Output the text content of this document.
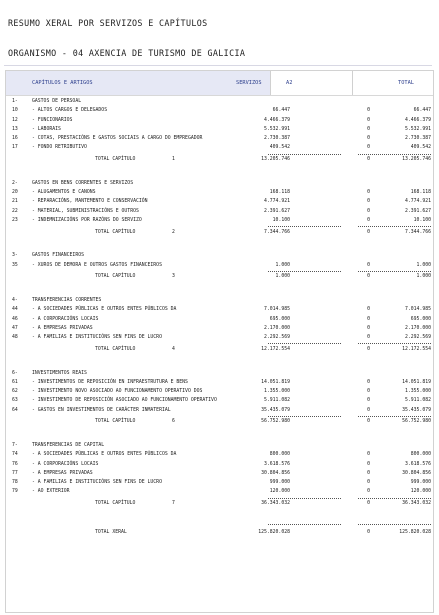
RESUMO XERAL POR SERVIZOS E CAPÍTULOS
ORGANISMO - 04 AXENCIA DE TURISMO DE GALICIA
CAPÍTULOS E ARTIGOS	SERVIZOS	A2	TOTAL
1-	GASTOS DE PERSOAL
10	- ALTOS CARGOS E DELEGADOS	66.447	0	66.447
12	- FUNCIONARIOS	4.466.379	0	4.466.379
13	- LABORAIS	5.532.991	0	5.532.991
16	- COTAS, PRESTACIÓNS E GASTOS SOCIAIS A CARGO DO EMPREGADOR	2.730.387	0	2.730.387
17	- FONDO RETRIBUTIVO	409.542	0	409.542
TOTAL CAPÍTULO	1	13.205.746	0	13.205.746
2-	GASTOS EN BENS CORRENTES E SERVIZOS
20	- ALUGAMENTOS E CANONS	168.118	0	168.118
21	- REPARACIÓNS, MANTEMENTO E CONSERVACIÓN	4.774.921	0	4.774.921
22	- MATERIAL, SUBMINISTRACIÓNS E OUTROS	2.391.627	0	2.391.627
23	- INDEMNIZACIÓNS POR RAZÓNS DO SERVIZO	10.100	0	10.100
TOTAL CAPÍTULO	2	7.344.766	0	7.344.766
3-	GASTOS FINANCEIROS
35	- XUROS DE DEMORA E OUTROS GASTOS FINANCEIROS	1.000	0	1.000
TOTAL CAPÍTULO	3	1.000	0	1.000
4-	TRANSFERENCIAS CORRENTES
44	- A SOCIEDADES PÚBLICAS E OUTROS ENTES PÚBLICOS DA	7.014.985	0	7.014.985
46	- A CORPORACIÓNS LOCAIS	695.000	0	695.000
47	- A EMPRESAS PRIVADAS	2.170.000	0	2.170.000
48	- A FAMILIAS E INSTITUCIÓNS SEN FINS DE LUCRO	2.292.569	0	2.292.569
TOTAL CAPÍTULO	4	12.172.554	0	12.172.554
6-	INVESTIMENTOS REAIS
61	- INVESTIMENTOS DE REPOSICIÓN EN INFRAESTRUTURA E BENS	14.051.819	0	14.051.819
62	- INVESTIMENTO NOVO ASOCIADO AO FUNCIONAMENTO OPERATIVO DOS	1.355.000	0	1.355.000
63	- INVESTIMENTO DE REPOSICIÓN ASOCIADO AO FUNCIONAMENTO OPERATIVO	5.911.082	0	5.911.082
64	- GASTOS EN INVESTIMENTOS DE CARÁCTER INMATERIAL	35.435.079	0	35.435.079
TOTAL CAPÍTULO	6	56.752.980	0	56.752.980
7-	TRANSFERENCIAS DE CAPITAL
74	- A SOCIEDADES PÚBLICAS E OUTROS ENTES PÚBLICOS DA	800.000	0	800.000
76	- A CORPORACIÓNS LOCAIS	3.618.576	0	3.618.576
77	- A EMPRESAS PRIVADAS	30.804.856	0	30.804.856
78	- A FAMILIAS E INSTITUCIÓNS SEN FINS DE LUCRO	999.000	0	999.000
79	- AO EXTERIOR	120.000	0	120.000
TOTAL CAPÍTULO	7	36.343.032	0	36.343.032
TOTAL XERAL	125.820.028	0	125.820.028
